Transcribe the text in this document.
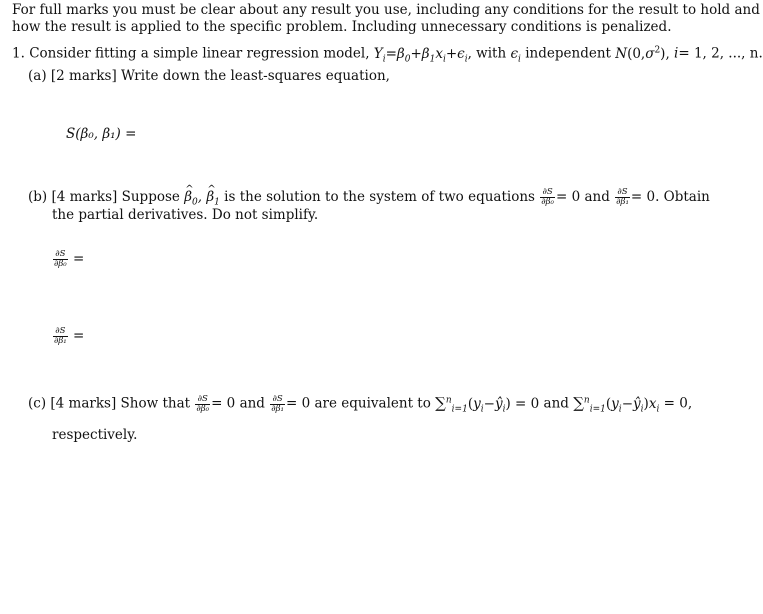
For full marks you must be clear about any result you use, including any conditions for the result to hold and
how the result is applied to the specific problem. Including unnecessary conditions is penalized.
1. Consider fitting a simple linear regression model, $Y_i=\beta_0+\beta_1x_i+\epsilon_i$, with $\epsilon_i$ independent $N(0,\sigma^2)$, i= 1, 2, ..., n.
(a) [2 marks] Write down the least-squares equation,
S(β₀, β₁) =
(b) [4 marks] Suppose ^ $\beta_0$, ^ $\beta_1$ is the solution to the system of two equations $\frac{\partial S}{\text{∂β₀}} = 0$ and $\frac{\partial S}{\text{∂β₁}} = 0$. Obtain
the partial derivatives. Do not simplify.
$\frac{\partial S}{\text{∂β₀}}$ =
$\frac{\partial S}{\text{∂β₁}}$ =
(c) [4 marks] Show that $\frac{\partial S}{\text{∂β₀}} = 0$ and $\frac{\partial S}{\text{∂β₁}} = 0$ are equivalent to $\sum^n_{i=1}(y_i-ŷ_i) = 0$ and $\sum^n_{i=1}(y_i-ŷ_i)x_i = 0$,
respectively.
